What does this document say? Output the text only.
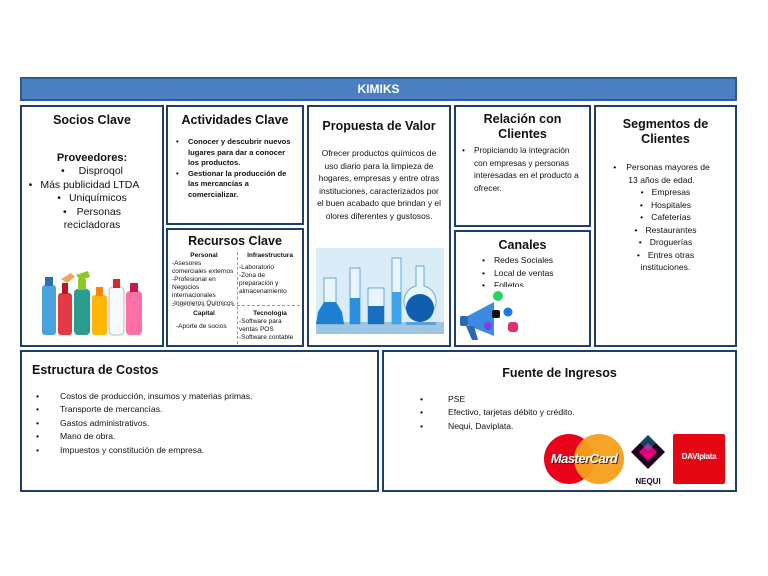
KIMIKS
Socios Clave
Proveedores:
• Disproqol
• Más publicidad LTDA
• Uniquímicos
• Personas recicladoras
Actividades Clave
• Conocer y descubrir nuevos lugares para dar a conocer los productos.
• Gestionar la producción de las mercancías a comercializar.
Recursos Clave
Personal
-Asesores comerciales externos
-Profesional en Negocios internacionales
-Ingenieros Químicos
Infraestructura
-Laboratorio
-Zona de preparación y almacenamiento
Capital
-Aporte de socios
Tecnología
-Software para ventas POS
-Software contable
Propuesta de Valor

Ofrecer productos químicos de uso diario para la limpieza de hogares, empresas y entre otras instituciones, caracterizados por el buen acabado que brindan y el olores diferentes y gustosos.

Relación con Clientes
• Propiciando la integración con empresas y personas interesadas en el producto a ofrecer.
Canales
• Redes Sociales
• Local de ventas
• Folletos
Segmentos de Clientes
• Personas mayores de 13 años de edad.
• Empresas
• Hospitales
• Cafeterías
• Restaurantes
• Droguerías
• Entres otras instituciones.
Estructura de Costos
• Costos de producción, insumos y materias primas.
• Transporte de mercancías.
• Gastos administrativos.
• Mano de obra.
• Impuestos y constitución de empresa.
Fuente de Ingresos
•	PSE
•	Efectivo, tarjetas débito y crédito.
•	Nequi, Daviplata.
MasterCard
NEQUI
DAVIplata
